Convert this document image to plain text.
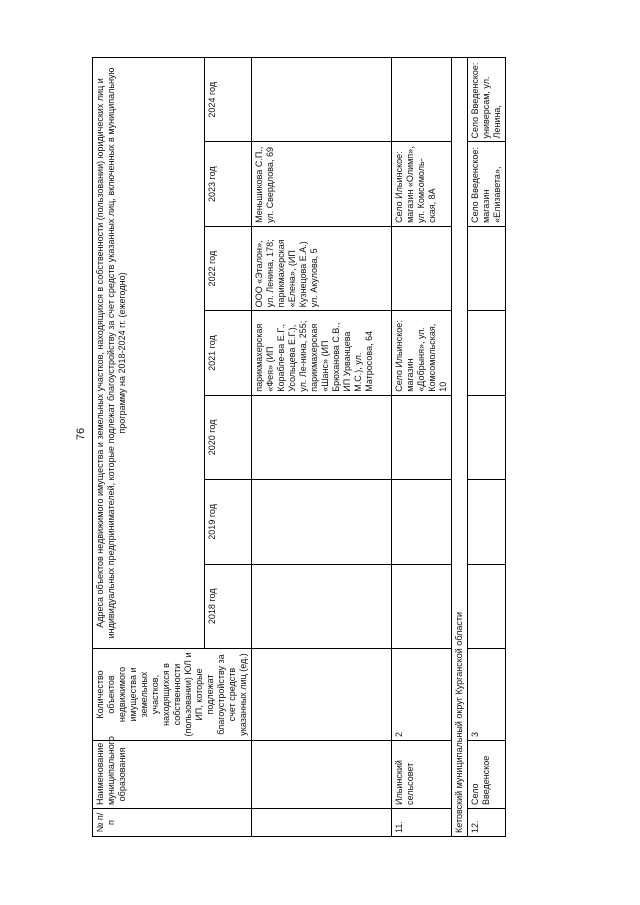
76
№ п/п	Наименование муниципального образования	Количество объектов недвижимого имущества и земельных участков, находящихся в собственности (пользовании) ЮЛ и ИП, которые подлежат благоустройству за счет средств указанных лиц (ед.)	Адреса объектов недвижимого имущества и земельных участков, находящихся в собственности (пользовании) юридических лиц и индивидуальных предпринимателей, которые подлежат благоустройству за счет средств указанных лиц, включенных в муниципальную программу на 2018-2024 гг. (ежегодно)						
			2018 год	2019 год	2020 год	2021 год	2022 год	2023 год	2024 год
						парикмахерская «Фея» (ИП Корабле-ва Е.Г., Усольцева Е.Г.), ул. Ле-нина, 255; парикмахерская «Шанс» (ИП Брюханова С.В., ИП Урванцева М.С.), ул. Матросова, 64	ООО «Эталон», ул. Ленина, 178; парикмахерская «Елена», (ИП Кузнецова Е.А.) ул. Акулова, 5	Меньшикова С.П., ул. Свердлова, 69	
11.	Ильинский сельсовет	2				Село Ильинское: магазин «Добрыня», ул. Комсомольская, 10		Село Ильинское: магазин «Олимп», ул. Комсомоль-ская, 8А	
Кетовский муниципальный округ Курганской области									
12.	Село Введенское	3						Село Введенское: магазин «Елизавета»,	Село Введенское: универсам, ул. Ленина,
